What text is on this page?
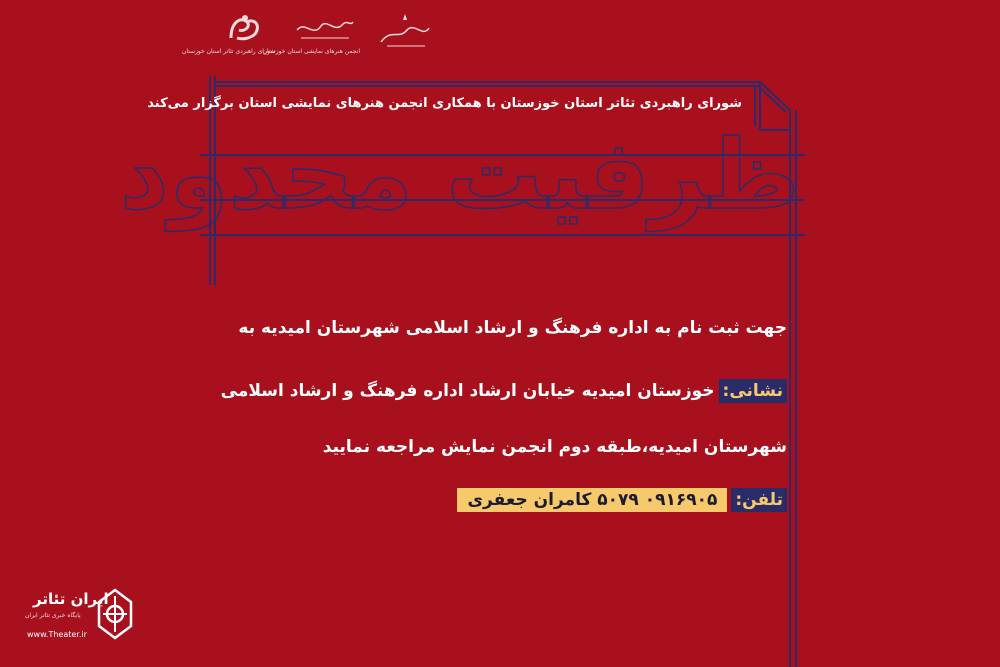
شورای راهبردی تئاتر استان خوزستان
انجمن هنرهای نمایشی استان خوزستان
شورای راهبردی تئاتر استان خوزستان با همکاری انجمن هنرهای نمایشی استان برگزار می‌کند
ظرفیت محدود
جهت ثبت نام به اداره فرهنگ و ارشاد اسلامی شهرستان امیدیه به
نشانی:خوزستان امیدیه خیابان ارشاد اداره فرهنگ و ارشاد اسلامی
شهرستان امیدیه،طبقه دوم انجمن نمایش مراجعه نمایید
تلفن:
۰۹۱۶۹۰۵ ۵۰۷۹ کامران جعفری
ایران تئاتر
پایگاه خبری تئاتر ایران
www.Theater.ir
